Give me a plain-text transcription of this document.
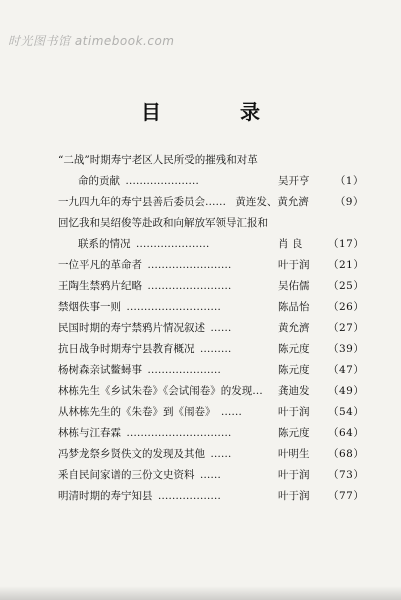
时光图书馆 atimebook.com
目 录
“二战”时期寿宁老区人民所受的摧残和对革
命的贡献 …………………	吴开亨	（1）
一九四九年的寿宁县善后委员会…… 黄连发、黄允濟	（9）
回忆我和吴绍俊等赴政和向解放军领导汇报和
联系的情况 …………………	肖 良	（17）
一位平凡的革命者 ……………………	叶于润	（21）
王陶生禁鸦片纪略 ……………………	吴佑儒	（25）
禁烟佚事一则 ………………………	陈品怡	（26）
民国时期的寿宁禁鸦片情况叙述 ……	黄允濟	（27）
抗日战争时期寿宁县教育概况 ………	陈元度	（39）
杨树森亲试鳖蟳事 …………………	陈元度	（47）
林栋先生《乡试朱卷》《会试闱卷》的发现… 龚迪发	（49）
从林栋先生的《朱卷》到《闱卷》 ……	叶于润	（54）
林栋与江春霖 …………………………	陈元度	（64）
冯梦龙祭乡贤佚文的发现及其他 ……	叶明生	（68）
釆自民间家谱的三份文史资料 ……	叶于润	（73）
明清时期的寿宁知县 ………………	叶于润	（77）
